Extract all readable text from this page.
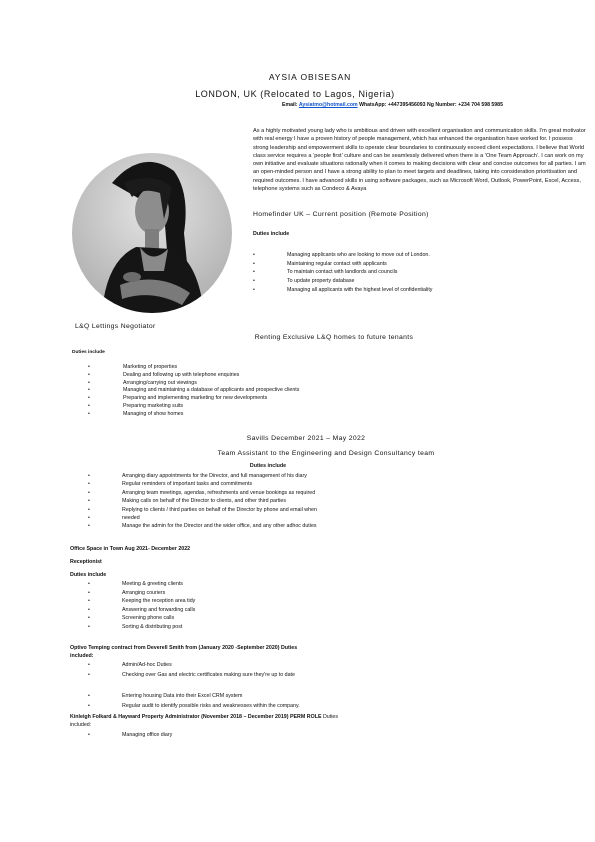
AYSIA OBISESAN
LONDON, UK (Relocated to Lagos, Nigeria)
Email: Aysiatmo@hotmail.com WhatsApp: +447395456093 Ng Number: +234 704 598 5985
As a highly motivated young lady who is ambitious and driven with excellent organisation and communication skills. I’m great motivator with real energy I have a proven history of people management, which has enhanced the organisation have worked for. I possess strong leadership and empowerment skills to operate clear boundaries to continuously exceed client expectations. I believe that World class service requires a ‘people first’ culture and can be seamlessly delivered when there is a ‘One Team Approach’. I can work on my own initiative and evaluate situations rationally when it comes to making decisions with clear and concise outcomes for all parties. I am an open-minded person and I have a strong ability to plan to meet targets and deadlines, taking into consideration prioritisation and required outcomes. I have advanced skills in using software packages, such as Microsoft Word, Outlook, PowerPoint, Excel, Access, telephone systems such as Condeco & Avaya
Homefinder UK – Current position (Remote Position)
Duties include
•	Managing applicants who are looking to move out of London.
•	Maintaining regular contact with applicants
•	To maintain contact with landlords and councils
•	To update property database
•	Managing all applicants with the highest level of confidentiality
L&Q Lettings Negotiator
Renting Exclusive L&Q homes to future tenants
Duties include
•	Marketing of properties
•	Dealing and following up with telephone enquiries
•	Arranging/carrying out viewings
•	Managing and maintaining a database of applicants and prospective clients
•	Preparing and implementing marketing for new developments
•	Preparing marketing suits
•	Managing of show homes
Savills December 2021 – May 2022
Team Assistant to the Engineering and Design Consultancy team
Duties include
•	Arranging diary appointments for the Director, and full management of his diary
•	Regular reminders of important tasks and commitments
•	Arranging team meetings, agendas, refreshments and venue bookings as required
•	Making calls on behalf of the Director to clients, and other third parties
•	Replying to clients / third parties on behalf of the Director by phone and email when
•	needed
•	Manage the admin for the Director and the wider office, and any other adhoc duties
Office Space in Town Aug 2021- December 2022
Receptionist
Duties include
•	Meeting & greeting clients
•	Arranging couriers
•	Keeping the reception area tidy
•	Answering and forwarding calls
•	Screening phone calls
•	Sorting & distributing post
Optivo Temping contract from Deverell Smith from (January 2020 -September 2020) Duties
included:
•	Admin/Ad-hoc Duties
•	Checking over Gas and electric certificates making sure they're up to date
•	Entering housing Data into their Excel CRM system
•	Regular audit to identify possible risks and weaknesses within the company.
Kinleigh Folkard & Hayward Property Administrator (November 2018 – December 2019) PERM ROLE Duties
included:
•	Managing office diary
